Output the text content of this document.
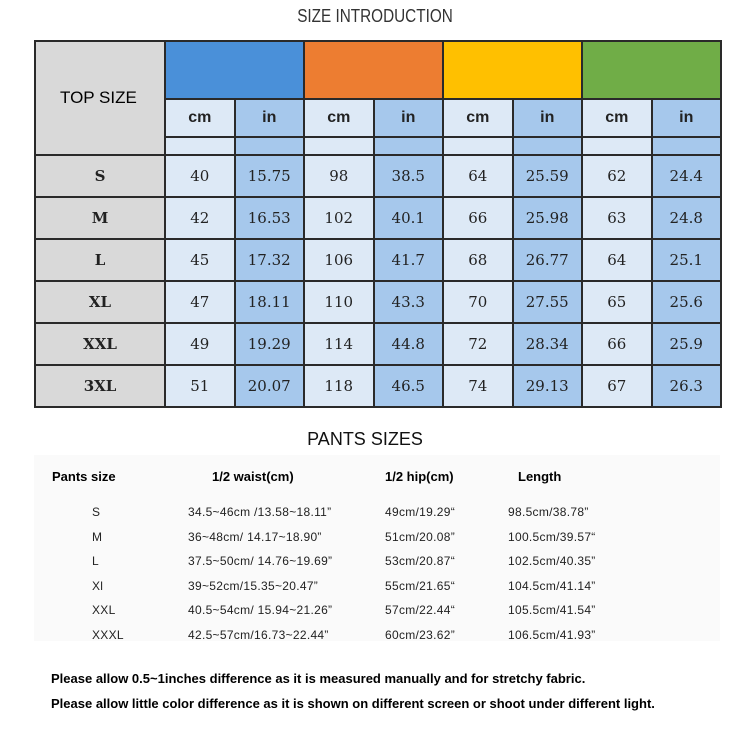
SIZE INTRODUCTION
TOP SIZE								
	cm	in	cm	in	cm	in	cm	in

S	40	15.75	98	38.5	64	25.59	62	24.4
M	42	16.53	102	40.1	66	25.98	63	24.8
L	45	17.32	106	41.7	68	26.77	64	25.1
XL	47	18.11	110	43.3	70	27.55	65	25.6
XXL	49	19.29	114	44.8	72	28.34	66	25.9
3XL	51	20.07	118	46.5	74	29.13	67	26.3
PANTS SIZES
Pants size	1/2 waist(cm)	1/2 hip(cm)	Length
S	34.5~46cm /13.58~18.11”	49cm/19.29“	98.5cm/38.78”
M	36~48cm/ 14.17~18.90”	51cm/20.08”	100.5cm/39.57“
L	37.5~50cm/ 14.76~19.69”	53cm/20.87“	102.5cm/40.35”
Xl	39~52cm/15.35~20.47”	55cm/21.65“	104.5cm/41.14”
XXL	40.5~54cm/ 15.94~21.26”	57cm/22.44“	105.5cm/41.54”
XXXL	42.5~57cm/16.73~22.44”	60cm/23.62”	106.5cm/41.93”
Please allow 0.5~1inches difference as it is measured manually and for stretchy fabric.
Please allow little color difference as it is shown on different screen or shoot under different light.
